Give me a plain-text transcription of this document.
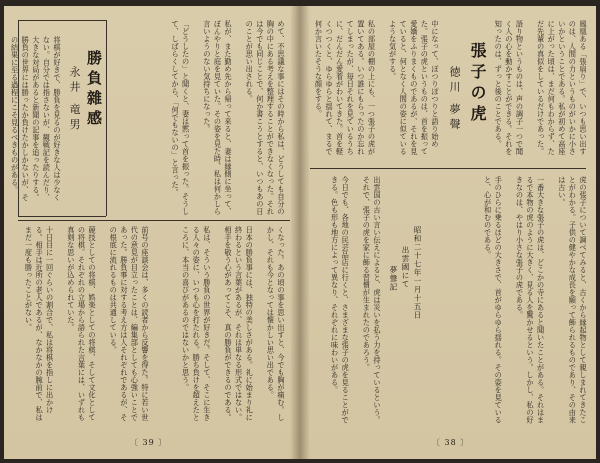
めて、不思議な事にはその時から私は、どうしても自分の胸の中にある考えを整理することができなくなった。それは今でも同じことで、何か書こうとすると、いつもあの日のことが思い出される。

私が、また勤め先から帰って来ると、妻は縁側に坐って、ぼんやりと庭を見ていた。その姿を見た時、私は何かしら言いようのない気持ちになった。

「どうしたの」と聞くと、妻は黙って首を振った。そうして、しばらくしてから、「何でもないの」と言った。
勝負雜感
永井 竜男
将棋が好きで、勝負を見るのが好きな人は少なくない。自分では指さないが、観戦記を読んだり、大きな対局があると新聞の記事を追ったりする。勝負の世界には勝ったか負けたかしかないが、その結果に至る過程にこそ見るべきものがある。

くなった。あの頃の事を思い出すと、今でも胸が痛む。しかし、それも今となっては懐かしい思い出である。

日本の勝負事には、独特の美しさがある。礼に始まり礼に終わるという言葉があるが、それは単なる形式ではない。相手を敬う心があってこそ、真の勝負ができるのである。

私は、そういう勝負の世界が好きだ。そして、そこに生きる人々の姿に、いつも心を打たれる。勝ち負けを超えたところに、本当の喜びがあるのではないかと思う。
前号の座談会は、多くの読者から反響を得た。特に若い世代の意見が目立ったことは、編集部としても心強いことであった。勝負事に対する考え方は人それぞれであるが、その根底に流れるものは共通している。

競技としての将棋、娯楽としての将棋、そして文化としての将棋。それぞれの立場から語られた言葉には、いずれも真剣な思いが込められていた。

十日目に一回ぐらいの割合で、私は将棋を指しに出かける。相手は近所の老人であるが、なかなかの腕前で、私はまだ一度も勝ったことがない。
〔 39 〕
鳳凰ある「張扇り」で、いつも思い出すのは、人間の力というものがいかに小さいかということである。私が初めて高座に上がった頃は、まだ何もわからず、ただ先輩の真似をしているだけであった。

語り物というものは、声の調子一つで聞く人の心を動かすことができる。それを知ったのは、ずっと後のことである。
張子の虎
徳川 夢聲
中になって、ぽつりぽつりと語り始めた。張子の虎というものは、首を振って愛嬌をふりまくものであるが、それを見ていると、何となく人間の姿に似ているような気がする。

私の部屋の棚の上にも、一つ張子の虎が置いてある。いつ誰にもらったのか忘れてしまったが、毎日それを見ているうちに、だんだん愛着がわいてきた。首を軽くつつくと、ゆらゆらと揺れて、まるで何か言いたそうな顔をする。
虎の張子について調べてみると、古くから縁起物として親しまれてきたことがわかる。子供の健やかな成長を願って飾られるものであり、その由来は古い。

一番大きな張子の虎は、どこかの寺にあると聞いたことがある。それはまるで本物の虎のように大きく、見る人を驚かせるという。しかし、私の好きなのは、やはり小さな張子の虎である。

手のひらに乗るほどの大きさで、首がゆらゆら揺れる。その姿を見ていると、心が和むのである。
昭和二十七年一月十五日
出雲國にて
夢聲記
出雲国の古い言い伝えによると、虎は災いを払う力を持っているという。それで、張子の虎を家に飾る習慣が生まれたのであろう。

今日でも、各地の民芸品店に行くと、さまざまな張子の虎を見ることができる。色も形も地方によって異なり、それぞれに味わいがある。
〔 38 〕
